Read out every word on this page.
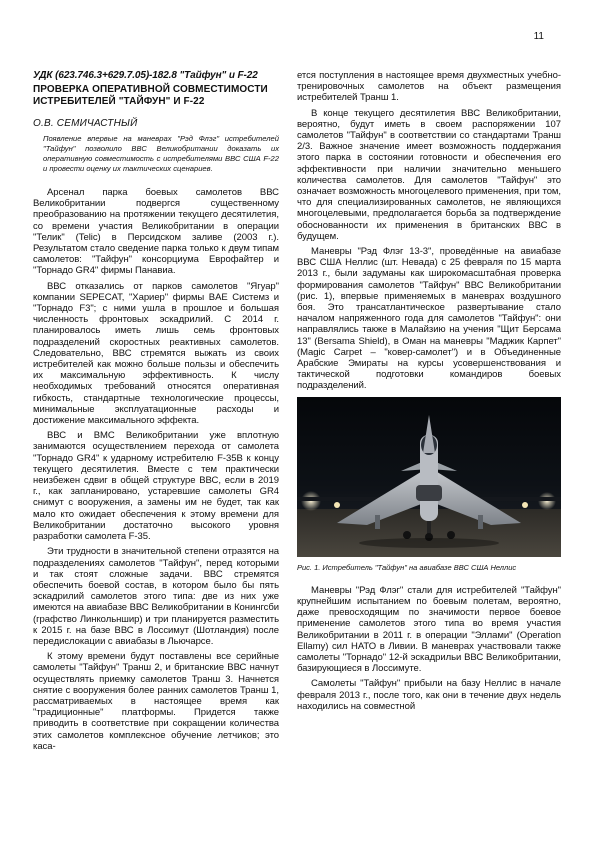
11

УДК (623.746.3+629.7.05)-182.8 "Тайфун" и F-22

ПРОВЕРКА ОПЕРАТИВНОЙ СОВМЕСТИМОСТИ ИСТРЕБИТЕЛЕЙ "ТАЙФУН" И F-22

О.В. СЕМИЧАСТНЫЙ

Появление впервые на маневрах "Рэд Флэг" истребителей "Тайфун" позволило ВВС Великобритании доказать их оперативную совместимость с истребителями ВВС США F-22 и провести оценку их тактических сценариев.

Арсенал парка боевых самолетов ВВС Великобритании подвергся существенному преобразованию на протяжении текущего десятилетия, со времени участия Великобритании в операции "Телик" (Telic) в Персидском заливе (2003 г.). Результатом стало сведение парка только к двум типам самолетов: "Тайфун" консорциума Еврофайтер и "Торнадо GR4" фирмы Панавиа.

ВВС отказались от парков самолетов "Ягуар" компании SEPECAT, "Хариер" фирмы BAE Системз и "Торнадо F3"; с ними ушла в прошлое и большая численность фронтовых эскадрилий. С 2014 г. планировалось иметь лишь семь фронтовых подразделений скоростных реактивных самолетов. Следовательно, ВВС стремятся выжать из своих истребителей как можно больше пользы и обеспечить их максимальную эффективность. К числу необходимых требований относятся оперативная гибкость, стандартные технологические процессы, минимальные эксплуатационные расходы и достижение максимального эффекта.

ВВС и ВМС Великобритании уже вплотную занимаются осуществлением перехода от самолета "Торнадо GR4" к ударному истребителю F-35B к концу текущего десятилетия. Вместе с тем практически неизбежен сдвиг в общей структуре ВВС, если в 2019 г., как запланировано, устаревшие самолеты GR4 снимут с вооружения, а замены им не будет, так как мало кто ожидает обеспечения к этому времени для Великобритании достаточно высокого уровня разработки самолета F-35.

Эти трудности в значительной степени отразятся на подразделениях самолетов "Тайфун", перед которыми и так стоят сложные задачи. ВВС стремятся обеспечить боевой состав, в котором было бы пять эскадрилий самолетов этого типа: две из них уже имеются на авиабазе ВВС Великобритании в Конингсби (графство Линкольншир) и три планируется разместить к 2015 г. на базе ВВС в Лоссимут (Шотландия) после передислокации с авиабазы в Льючарсе.

К этому времени будут поставлены все серийные самолеты "Тайфун" Транш 2, и британские ВВС начнут осуществлять приемку самолетов Транш 3. Начнется снятие с вооружения более ранних самолетов Транш 1, рассматриваемых в настоящее время как "традиционные" платформы. Придется также приводить в соответствие при сокращении количества этих самолетов комплексное обучение летчиков; это каса-

ется поступления в настоящее время двухместных учебно-тренировочных самолетов на объект размещения истребителей Транш 1.

В конце текущего десятилетия ВВС Великобритании, вероятно, будут иметь в своем распоряжении 107 самолетов "Тайфун" в соответствии со стандартами Транш 2/3. Важное значение имеет возможность поддержания этого парка в состоянии готовности и обеспечения его эффективности при наличии значительно меньшего количества самолетов. Для самолетов "Тайфун" это означает возможность многоцелевого применения, при том, что для специализированных самолетов, не являющихся многоцелевыми, предполагается борьба за подтверждение обоснованности их применения в британских ВВС в будущем.

Маневры "Рэд Флэг 13-3", проведённые на авиабазе ВВС США Неллис (шт. Невада) с 25 февраля по 15 марта 2013 г., были задуманы как широкомасштабная проверка формирования самолетов "Тайфун" ВВС Великобритании (рис. 1), впервые применяемых в маневрах воздушного боя. Это трансатлантическое развертывание стало началом напряженного года для самолетов "Тайфун": они направлялись также в Малайзию на учения "Щит Берсама 13" (Bersama Shield), в Оман на маневры "Маджик Карпет" (Magic Carpet – "ковер-самолет") и в Объединенные Арабские Эмираты на курсы усовершенствования и тактической подготовки командиров боевых подразделений.

Рис. 1. Истребитель "Тайфун" на авиабазе ВВС США Неллис

Маневры "Рэд Флэг" стали для истребителей "Тайфун" крупнейшим испытанием по боевым полетам, вероятно, даже превосходящим по значимости первое боевое применение самолетов этого типа во время участия Великобритании в 2011 г. в операции "Эллами" (Operation Ellamy) сил НАТО в Ливии. В маневрах участвовали также самолеты "Торнадо" 12-й эскадрильи ВВС Великобритании, базирующиеся в Лоссимуте.

Самолеты "Тайфун" прибыли на базу Неллис в начале февраля 2013 г., после того, как они в течение двух недель находились на совместной
